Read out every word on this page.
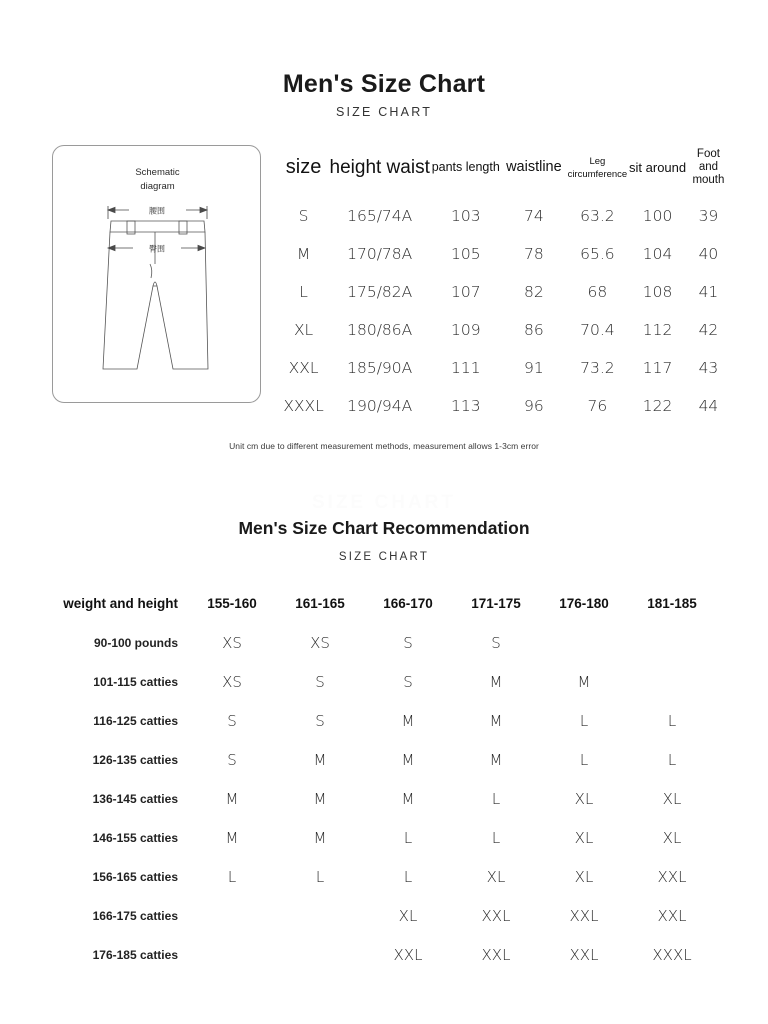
Men's Size Chart
SIZE CHART
Schematic
diagram
腰围
臀围
size	height waist	pants length	waistline	Leg
circumference	sit around	Foot and
mouth
S	165/74A	103	74	63.2	100	39
M	170/78A	105	78	65.6	104	40
L	175/82A	107	82	68	108	41
XL	180/86A	109	86	70.4	112	42
XXL	185/90A	111	91	73.2	117	43
XXXL	190/94A	113	96	76	122	44
Unit cm due to different measurement methods, measurement allows 1-3cm error
SIZE CHART
Men's Size Chart Recommendation
SIZE CHART
weight and height	155-160	161-165	166-170	171-175	176-180	181-185
90-100 pounds	XS	XS	S	S		
101-115 catties	XS	S	S	M	M	
116-125 catties	S	S	M	M	L	L
126-135 catties	S	M	M	M	L	L
136-145 catties	M	M	M	L	XL	XL
146-155 catties	M	M	L	L	XL	XL
156-165 catties	L	L	L	XL	XL	XXL
166-175 catties			XL	XXL	XXL	XXL
176-185 catties			XXL	XXL	XXL	XXXL
